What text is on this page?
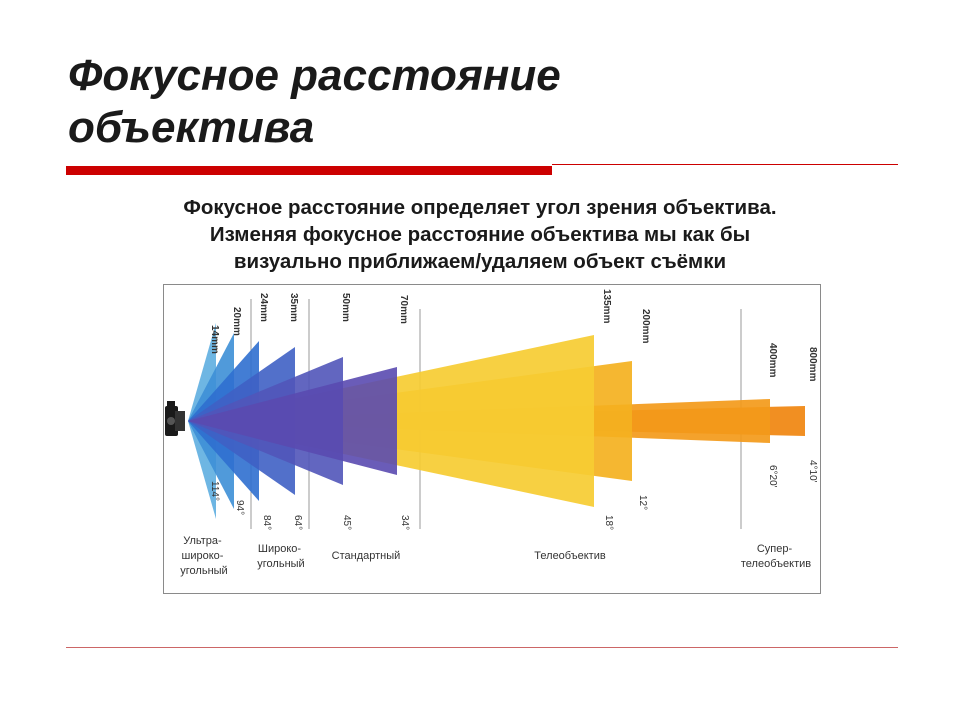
Фокусное расстояние
объектива

Фокусное расстояние определяет угол зрения объектива.
Изменяя фокусное расстояние объектива мы как бы
визуально приближаем/удаляем объект съёмки

14mm
20mm 24mm 35mm	50mm	70mm	135mm
200mm
400mm	800mm
114°
94°
84° 64°	45°	34°	18°
12°
6°20'	4°10'
Ультра- широко- угольный
Широко- угольный
Стандартный	Телеобъектив
Супер- телеобъектив
